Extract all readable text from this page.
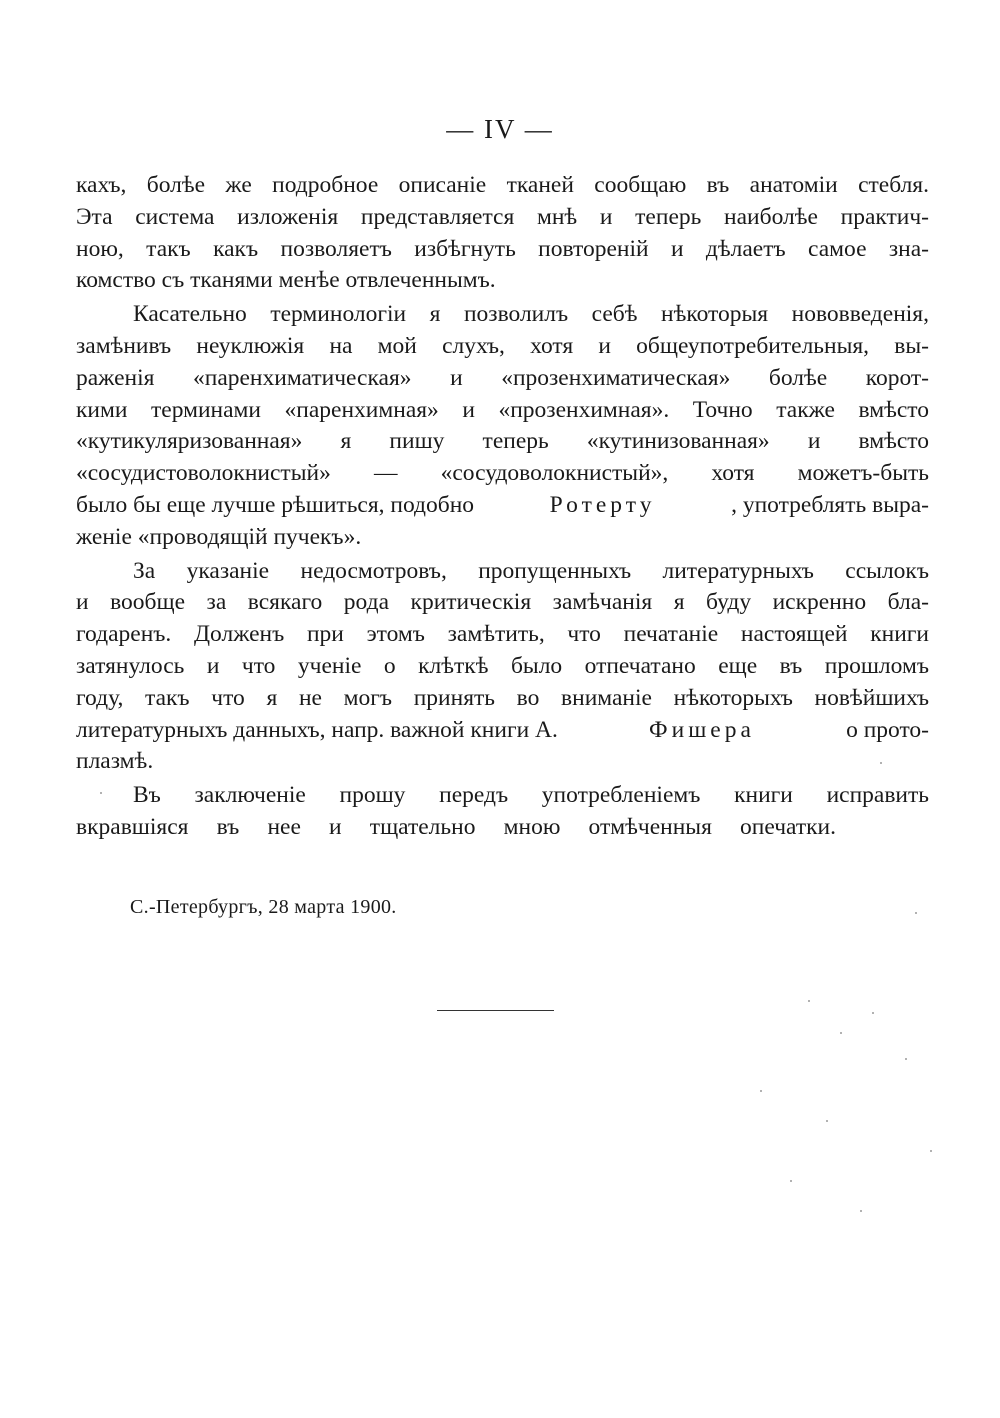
— IV —
кахъ, болѣе же подробное описанiе тканей сообщаю въ анатомiи стебля.
Эта система изложенiя представляется мнѣ и теперь наиболѣе практич-
ною, такъ какъ позволяетъ избѣгнуть повторенiй и дѣлаетъ самое зна-
комство съ тканями менѣе отвлеченнымъ.
Касательно терминологiи я позволилъ себѣ нѣкоторыя нововведенiя,
замѣнивъ неуклюжiя на мой слухъ, хотя и общеупотребительныя, вы-
раженiя «паренхиматическая» и «прозенхиматическая» болѣе корот-
кими терминами «паренхимная» и «прозенхимная». Точно также вмѣсто
«кутикуляризованная» я пишу теперь «кутинизованная» и вмѣсто
«сосудистоволокнистый» — «сосудоволокнистый», хотя можетъ-быть
было бы еще лучше рѣшиться, подобно	Ротерту	, употреблять выра-
женiе «проводящiй пучекъ».
За указанiе недосмотровъ, пропущенныхъ литературныхъ ссылокъ
и вообще за всякаго рода критическiя замѣчанiя я буду искренно бла-
годаренъ. Долженъ при этомъ замѣтить, что печатанiе настоящей книги
затянулось и что ученiе о клѣткѣ было отпечатано еще въ прошломъ
году, такъ что я не могъ принять во вниманiе нѣкоторыхъ новѣйшихъ
литературныхъ данныхъ, напр. важной книги А.	Фишера	о прото-
плазмѣ.
Въ заключенiе прошу передъ употребленiемъ книги исправить
вкравшiяся въ нее и тщательно мною отмѣченныя опечатки.
С.-Петербургъ, 28 марта 1900.
